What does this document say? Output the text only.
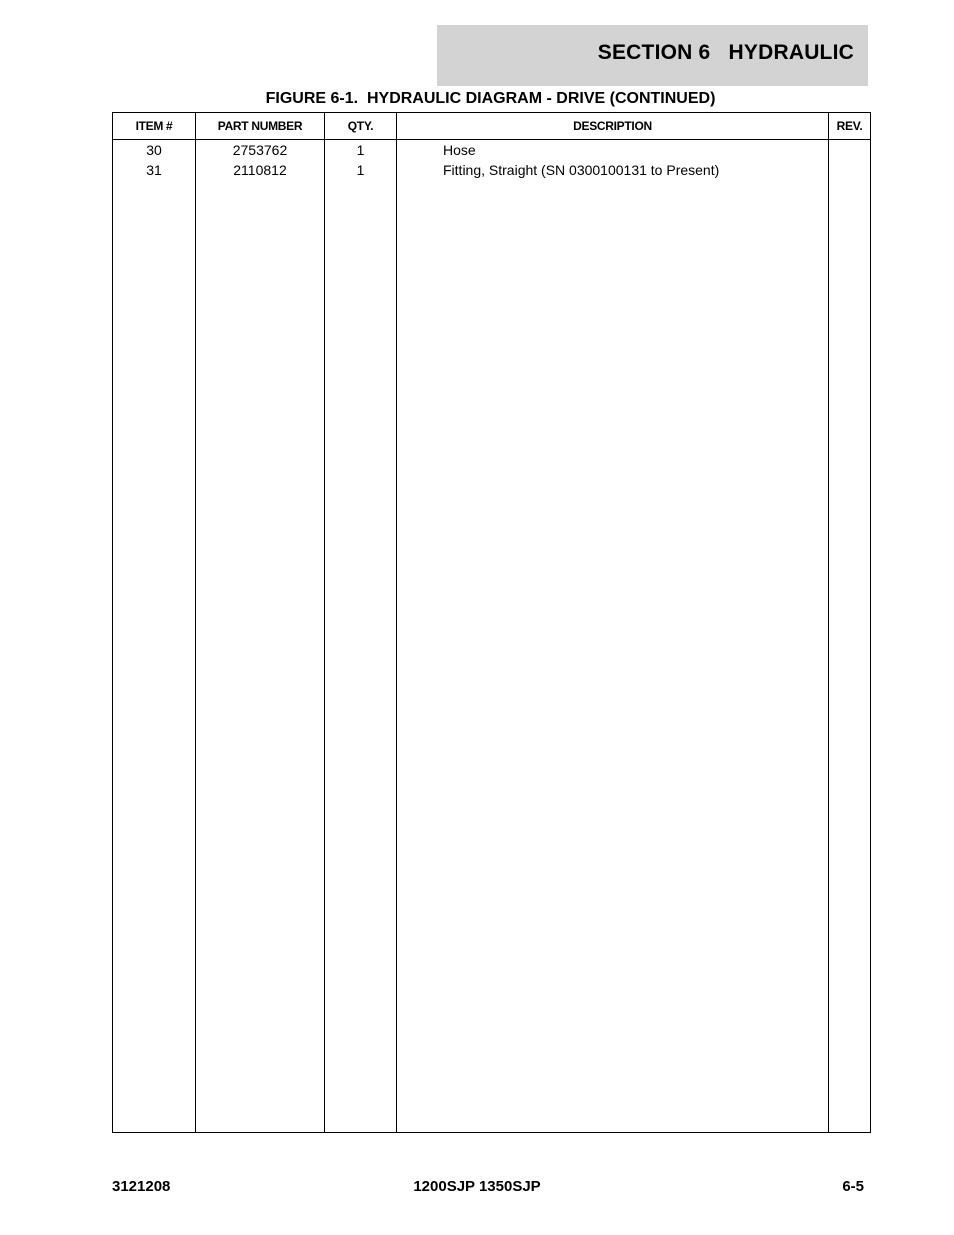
SECTION 6   HYDRAULIC
FIGURE 6-1.  HYDRAULIC DIAGRAM - DRIVE (CONTINUED)
ITEM #	PART NUMBER	QTY.	DESCRIPTION	REV.
30	2753762	1	Hose	
31	2110812	1	Fitting, Straight (SN 0300100131 to Present)	

3121208	1200SJP 1350SJP	6-5
